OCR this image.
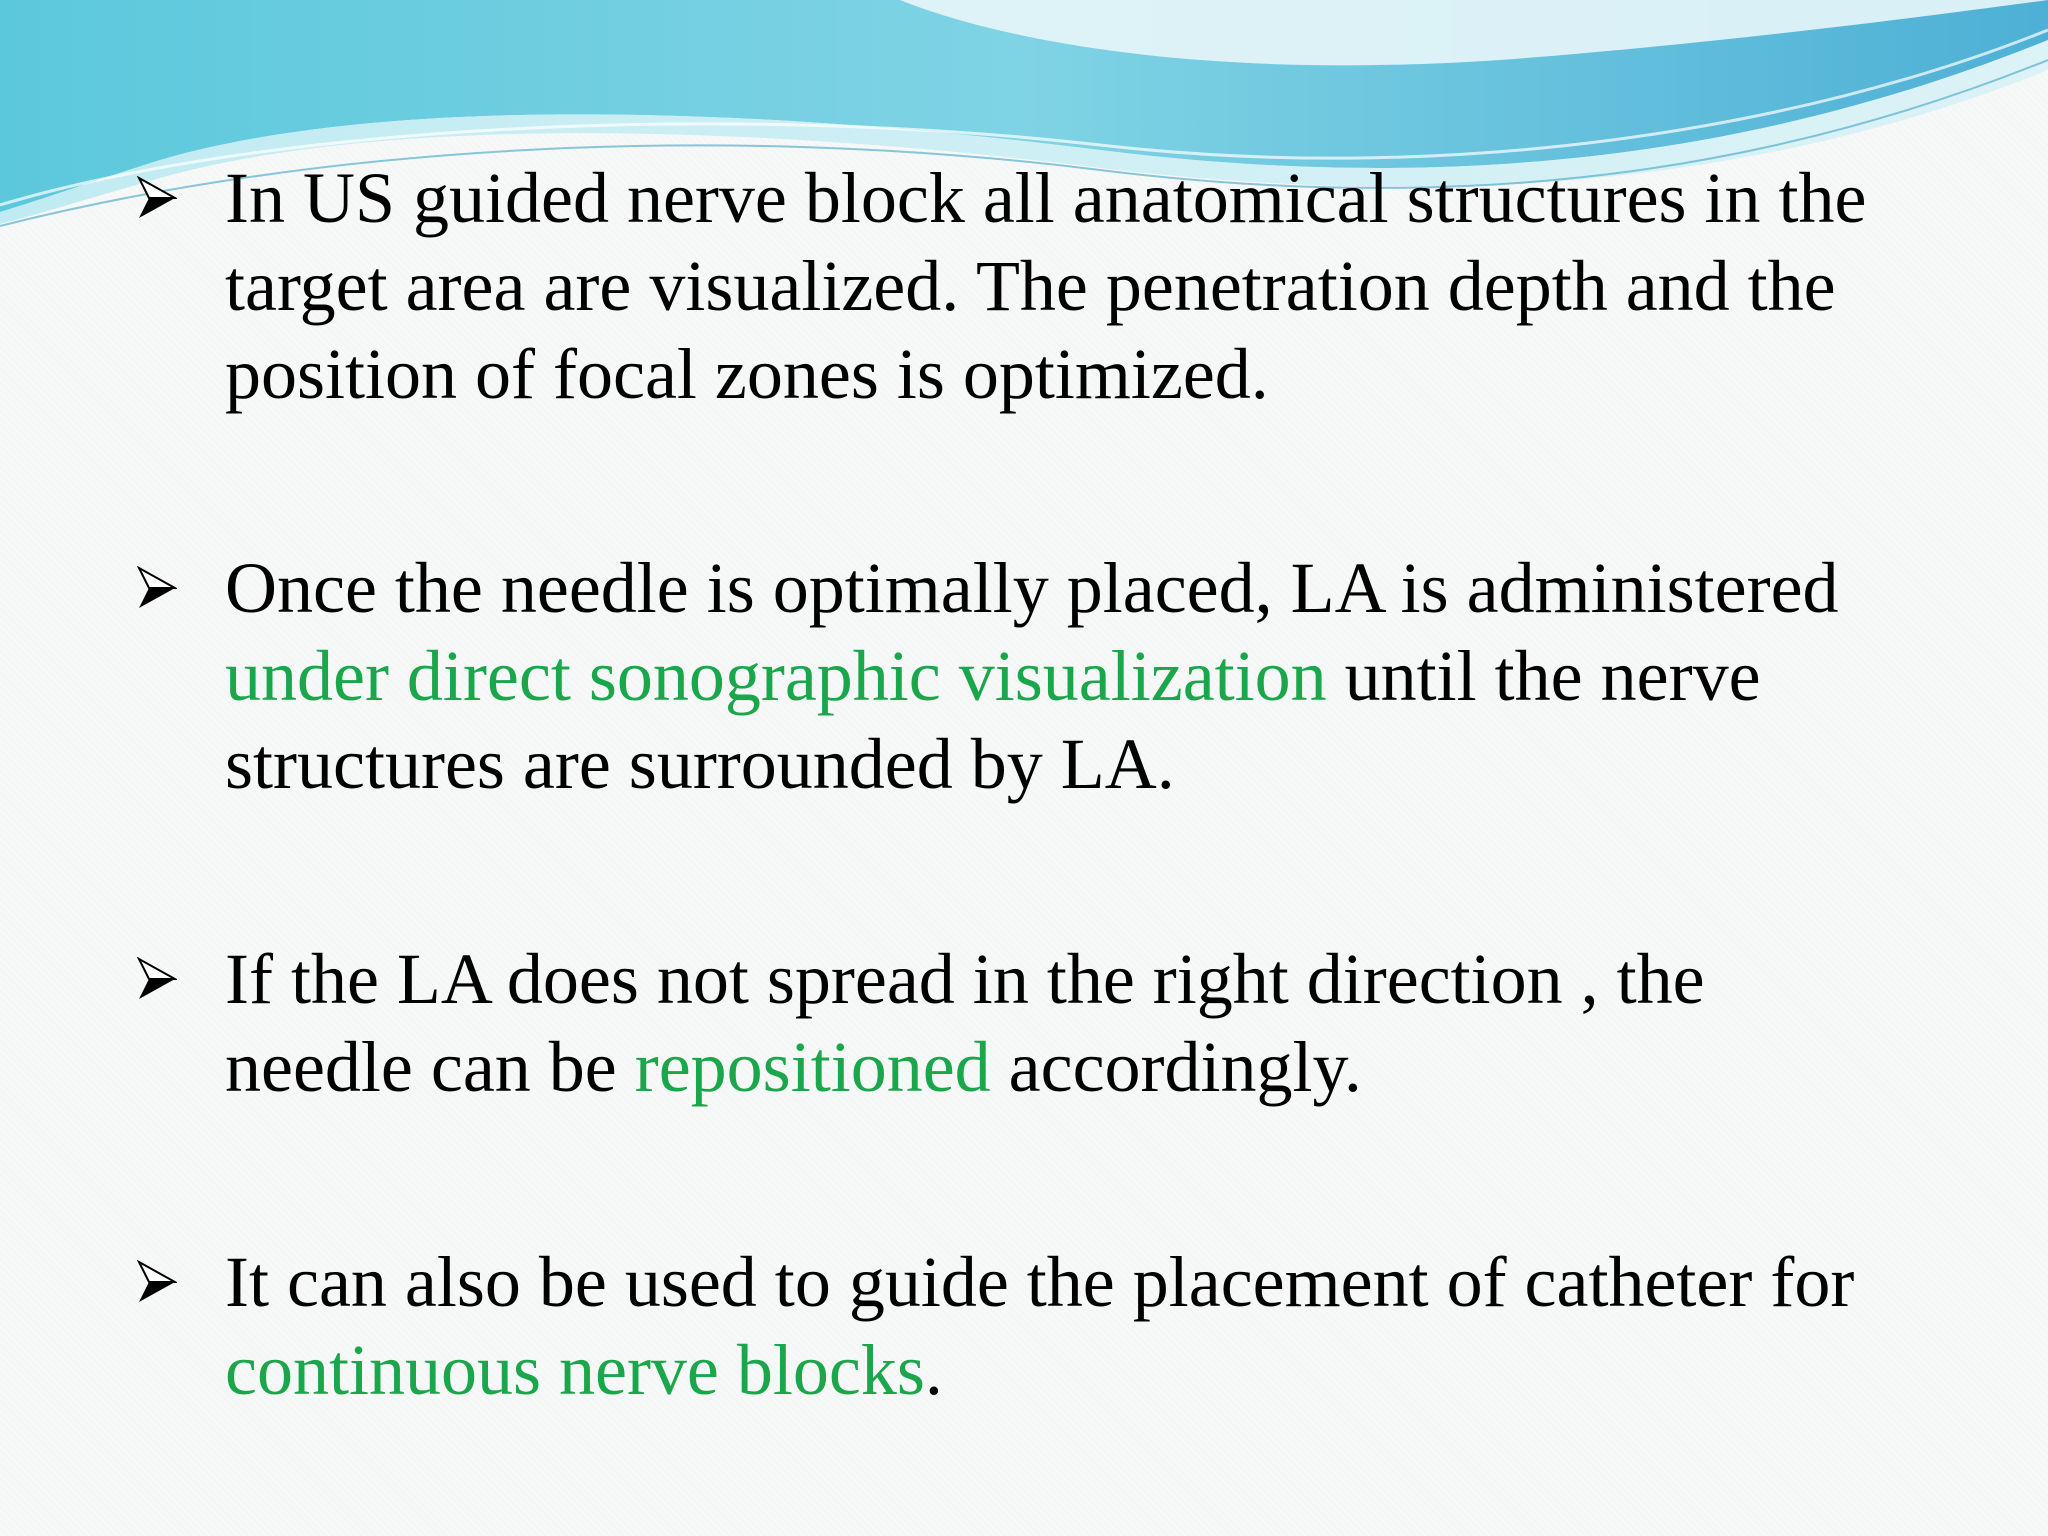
In US guided nerve block all anatomical structures in the
target area are visualized. The penetration depth and the
position of focal zones is optimized.
Once the needle is optimally placed, LA is administered
under direct sonographic visualization until the nerve
structures are surrounded by LA.
If the LA does not spread in the right direction , the
needle can be repositioned accordingly.
It can also be used to guide the placement of catheter for
continuous nerve blocks.
